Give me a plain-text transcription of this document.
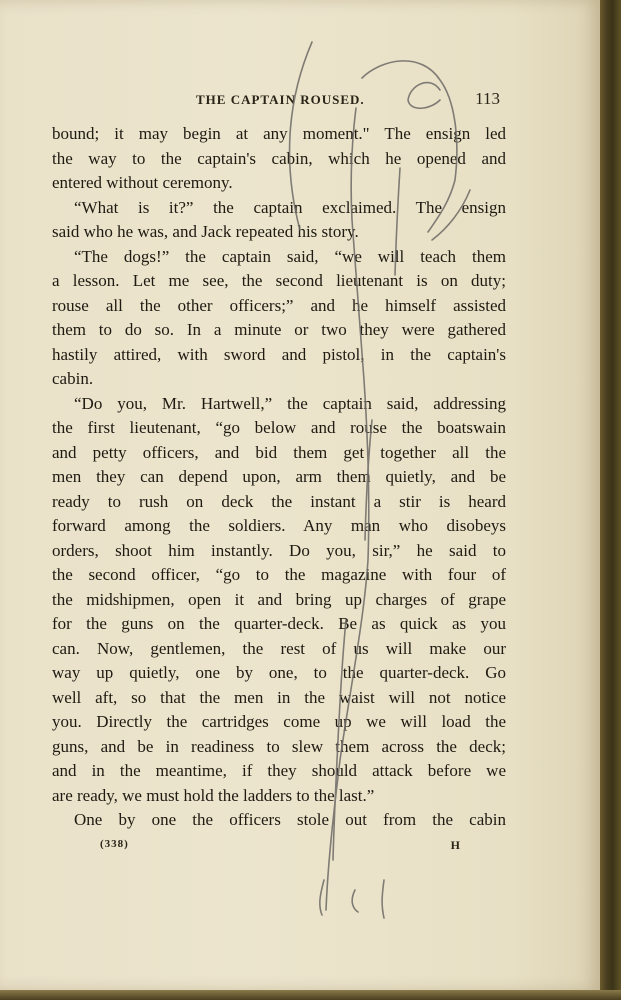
THE CAPTAIN ROUSED.	113
bound; it may begin at any moment." The ensign led
the way to the captain's cabin, which he opened and
entered without ceremony.
“What is it?” the captain exclaimed. The ensign
said who he was, and Jack repeated his story.
“The dogs!” the captain said, “we will teach them
a lesson. Let me see, the second lieutenant is on duty;
rouse all the other officers;” and he himself assisted
them to do so. In a minute or two they were gathered
hastily attired, with sword and pistol, in the captain's
cabin.
“Do you, Mr. Hartwell,” the captain said, addressing
the first lieutenant, “go below and rouse the boatswain
and petty officers, and bid them get together all the
men they can depend upon, arm them quietly, and be
ready to rush on deck the instant a stir is heard
forward among the soldiers. Any man who disobeys
orders, shoot him instantly. Do you, sir,” he said to
the second officer, “go to the magazine with four of
the midshipmen, open it and bring up charges of grape
for the guns on the quarter-deck. Be as quick as you
can. Now, gentlemen, the rest of us will make our
way up quietly, one by one, to the quarter-deck. Go
well aft, so that the men in the waist will not notice
you. Directly the cartridges come up we will load the
guns, and be in readiness to slew them across the deck;
and in the meantime, if they should attack before we
are ready, we must hold the ladders to the last.”
One by one the officers stole out from the cabin
(338)	H
